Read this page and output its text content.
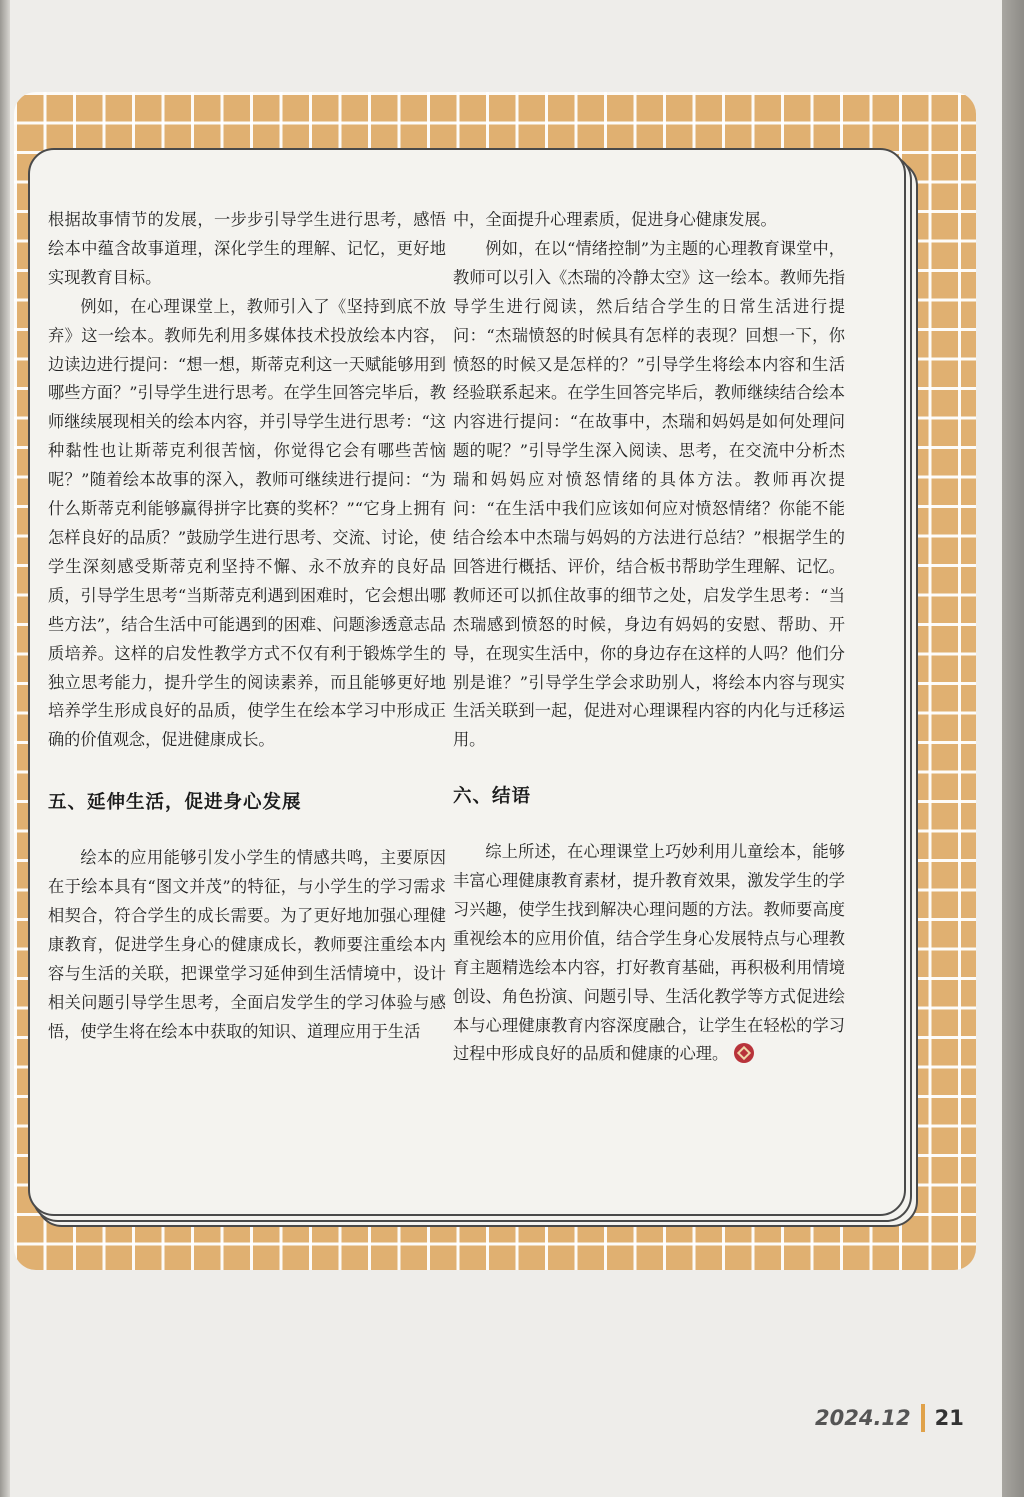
根据故事情节的发展，一步步引导学生进行思考，感悟绘本中蕴含故事道理，深化学生的理解、记忆，更好地实现教育目标。

例如，在心理课堂上，教师引入了《坚持到底不放弃》这一绘本。教师先利用多媒体技术投放绘本内容，边读边进行提问：“想一想，斯蒂克利这一天赋能够用到哪些方面？”引导学生进行思考。在学生回答完毕后，教师继续展现相关的绘本内容，并引导学生进行思考：“这种黏性也让斯蒂克利很苦恼，你觉得它会有哪些苦恼呢？”随着绘本故事的深入，教师可继续进行提问：“为什么斯蒂克利能够赢得拼字比赛的奖杯？”“它身上拥有怎样良好的品质？”鼓励学生进行思考、交流、讨论，使学生深刻感受斯蒂克利坚持不懈、永不放弃的良好品质，引导学生思考“当斯蒂克利遇到困难时，它会想出哪些方法”，结合生活中可能遇到的困难、问题渗透意志品质培养。这样的启发性教学方式不仅有利于锻炼学生的独立思考能力，提升学生的阅读素养，而且能够更好地培养学生形成良好的品质，使学生在绘本学习中形成正确的价值观念，促进健康成长。

五、延伸生活，促进身心发展

绘本的应用能够引发小学生的情感共鸣，主要原因在于绘本具有“图文并茂”的特征，与小学生的学习需求相契合，符合学生的成长需要。为了更好地加强心理健康教育，促进学生身心的健康成长，教师要注重绘本内容与生活的关联，把课堂学习延伸到生活情境中，设计相关问题引导学生思考，全面启发学生的学习体验与感悟，使学生将在绘本中获取的知识、道理应用于生活

中，全面提升心理素质，促进身心健康发展。

例如，在以“情绪控制”为主题的心理教育课堂中，教师可以引入《杰瑞的冷静太空》这一绘本。教师先指导学生进行阅读，然后结合学生的日常生活进行提问：“杰瑞愤怒的时候具有怎样的表现？回想一下，你愤怒的时候又是怎样的？”引导学生将绘本内容和生活经验联系起来。在学生回答完毕后，教师继续结合绘本内容进行提问：“在故事中，杰瑞和妈妈是如何处理问题的呢？”引导学生深入阅读、思考，在交流中分析杰瑞和妈妈应对愤怒情绪的具体方法。教师再次提问：“在生活中我们应该如何应对愤怒情绪？你能不能结合绘本中杰瑞与妈妈的方法进行总结？”根据学生的回答进行概括、评价，结合板书帮助学生理解、记忆。教师还可以抓住故事的细节之处，启发学生思考：“当杰瑞感到愤怒的时候，身边有妈妈的安慰、帮助、开导，在现实生活中，你的身边存在这样的人吗？他们分别是谁？”引导学生学会求助别人，将绘本内容与现实生活关联到一起，促进对心理课程内容的内化与迁移运用。

六、结语

综上所述，在心理课堂上巧妙利用儿童绘本，能够丰富心理健康教育素材，提升教育效果，激发学生的学习兴趣，使学生找到解决心理问题的方法。教师要高度重视绘本的应用价值，结合学生身心发展特点与心理教育主题精选绘本内容，打好教育基础，再积极利用情境创设、角色扮演、问题引导、生活化教学等方式促进绘本与心理健康教育内容深度融合，让学生在轻松的学习过程中形成良好的品质和健康的心理。

2024.12 21
